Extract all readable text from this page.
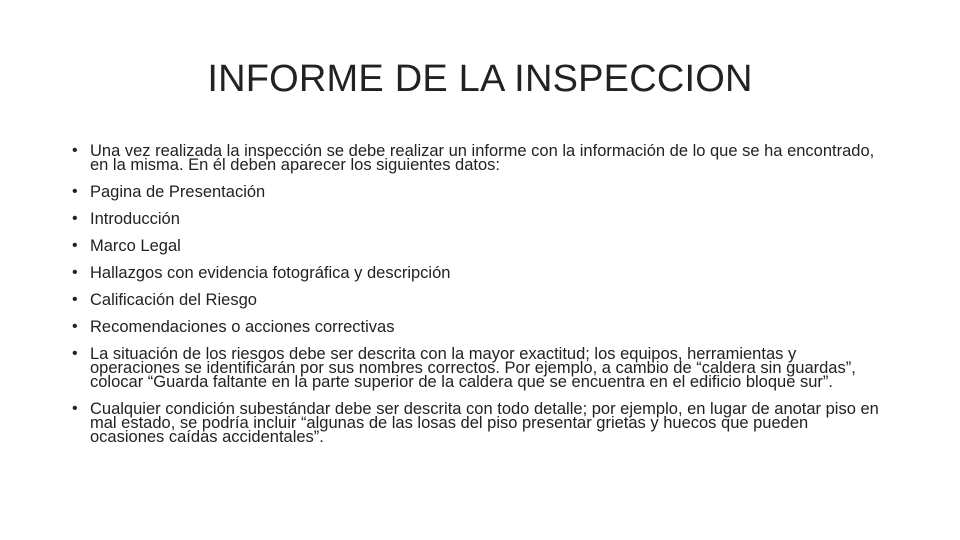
INFORME DE LA INSPECCION
• Una vez realizada la inspección se debe realizar un informe con la información de lo que se ha encontrado, en la misma. En él deben aparecer los siguientes datos:
• Pagina de Presentación
• Introducción
• Marco Legal
• Hallazgos con evidencia fotográfica y descripción
• Calificación del Riesgo
• Recomendaciones o acciones correctivas
• La situación de los riesgos debe ser descrita con la mayor exactitud; los equipos, herramientas y operaciones se identificarán por sus nombres correctos. Por ejemplo, a cambio de “caldera sin guardas”, colocar “Guarda faltante en la parte superior de la caldera que se encuentra en el edificio bloque sur”.
• Cualquier condición subestándar debe ser descrita con todo detalle; por ejemplo, en lugar de anotar piso en mal estado, se podría incluir “algunas de las losas del piso presentar grietas y huecos que pueden ocasiones caídas accidentales”.
